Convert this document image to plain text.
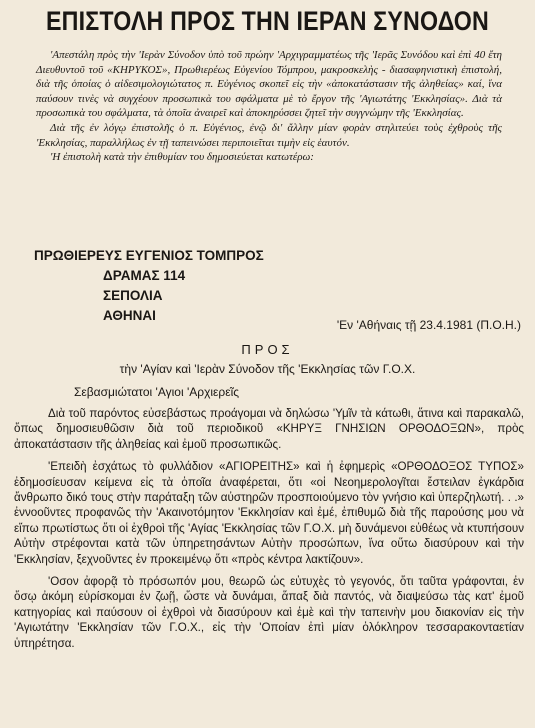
ΕΠΙΣΤΟΛΗ ΠΡΟΣ ΤΗΝ ΙΕΡΑΝ ΣΥΝΟΔΟΝ

'Απεστάλη πρὸς τὴν 'Ιερὰν Σύνοδον ὑπὸ τοῦ πρώην 'Αρχιγραμματέως τῆς 'Ιερᾶς Συνόδου καὶ ἐπὶ 40 ἔτη Διευθυντοῦ τοῦ «ΚΗΡΥΚΟΣ», Πρωθιερέως Εὐγενίου Τόμπρου, μακροσκελὴς - διασαφηνιστικὴ ἐπιστολή, διὰ τῆς ὁποίας ὁ αἰδεσιμολογιώτατος π. Εὐγένιος σκοπεῖ εἰς τὴν «ἀποκατάστασιν τῆς ἀληθείας» καί, ἵνα παύσουν τινὲς νὰ συγχέουν προσωπικὰ του σφάλματα μὲ τὸ ἔργον τῆς 'Αγιωτάτης 'Εκκλησίας». Διὰ τὰ προσωπικὰ του σφάλματα, τὰ ὁποῖα ἀναιρεῖ καὶ ἀποκηρύσσει ζητεῖ τὴν συγγνώμην τῆς 'Εκκλησίας.

Διὰ τῆς ἐν λόγῳ ἐπιστολῆς ὁ π. Εὐγένιος, ἐνῷ δι' ἄλλην μίαν φορὰν στηλιτεύει τοὺς ἐχθροὺς τῆς 'Εκκλησίας, παραλλήλως ἐν τῇ ταπεινώσει περιποιεῖται τιμὴν εἰς ἑαυτόν.

'Η ἐπιστολὴ κατὰ τὴν ἐπιθυμίαν του δημοσιεύεται κατωτέρω:

ΠΡΩΘΙΕΡΕΥΣ ΕΥΓΕΝΙΟΣ ΤΟΜΠΡΟΣ
ΔΡΑΜΑΣ 114
ΣΕΠΟΛΙΑ
ΑΘΗΝΑΙ
'Εν 'Αθήναις τῇ 23.4.1981 (Π.Ο.Η.)
ΠΡΟΣ
τὴν 'Αγίαν καὶ 'Ιερὰν Σύνοδον τῆς 'Εκκλησίας τῶν Γ.Ο.Χ.
Σεβασμιώτατοι 'Αγιοι 'Αρχιερεῖς

Διὰ τοῦ παρόντος εὐσεβάστως πρoάγομαι νὰ δηλώσω 'Υμῖν τὰ κάτωθι, ἅτινα καὶ παρακαλῶ, ὅπως δημοσιευθῶσιν διὰ τοῦ περιοδικοῦ «ΚΗΡΥΞ ΓΝΗΣΙΩΝ ΟΡΘΟΔΟΞΩΝ», πρὸς ἀποκατάστασιν τῆς ἀληθείας καὶ ἐμοῦ προσωπικῶς.

'Επειδὴ ἐσχάτως τὸ φυλλάδιον «ΑΓΙΟΡΕΙΤΗΣ» καὶ ἡ ἐφημερὶς «ΟΡΘΟΔΟΞΟΣ ΤΥΠΟΣ» ἐδημοσίευσαν κείμενα εἰς τὰ ὁποῖα ἀναφέρεται, ὅτι «οἱ Νεοημερολογῖται ἔστειλαν ἐγκάρδια ἄνθρωπο δικό τους στὴν παράταξη τῶν αὐστηρῶν προσποιούμενο τὸν γνήσιο καὶ ὑπερζηλωτή. . .» ἐννοοῦντες προφανῶς τὴν 'Ακαινοτόμητον 'Εκκλησίαν καὶ ἐμέ, ἐπιθυμῶ διὰ τῆς παρούσης μου νὰ εἴπω πρωτίστως ὅτι οἱ ἐχθροὶ τῆς 'Αγίας 'Εκκλησίας τῶν Γ.Ο.Χ. μὴ δυνάμενοι εὐθέως νὰ κτυπήσουν Αὐτὴν στρέφονται κατὰ τῶν ὑπηρετησάντων Αὐτὴν προσώπων, ἵνα οὕτω διασύρουν καὶ τὴν 'Εκκλησίαν, ξεχνοῦντες ἐν προκειμένῳ ὅτι «πρὸς κέντρα λακτίζουν».

'Οσον ἀφορᾷ τὸ πρόσωπόν μου, θεωρῶ ὡς εὐτυχὲς τὸ γεγονός, ὅτι ταῦτα γράφονται, ἐν ὅσῳ ἀκόμη εὑρίσκομαι ἐν ζωῇ, ὥστε νὰ δυνάμαι, ἅπαξ διὰ παντός, νὰ διαψεύσω τὰς κατ' ἐμοῦ κατηγορίας καὶ παύσουν οἱ ἐχθροὶ νὰ διασύρουν καὶ ἐμὲ καὶ τὴν ταπεινὴν μου διακονίαν εἰς τὴν 'Αγιωτάτην 'Εκκλησίαν τῶν Γ.Ο.Χ., εἰς τὴν 'Οποίαν ἐπὶ μίαν ὁλόκληρον τεσσαρακονταετίαν ὑπηρέτησα.
